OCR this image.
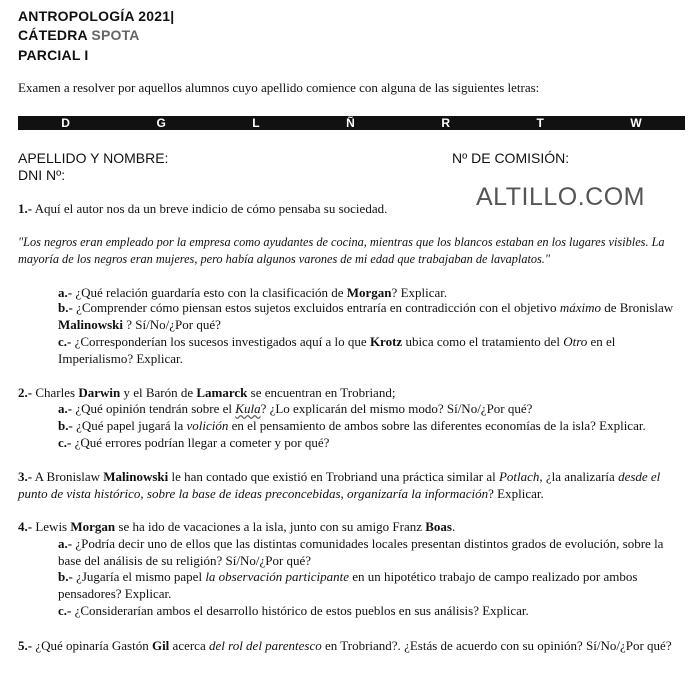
ANTROPOLOGÍA 2021|
CÁTEDRA SPOTA
PARCIAL I
Examen a resolver por aquellos alumnos cuyo apellido comience con alguna de las siguientes letras:
D	G	L	Ñ	R	T	W
APELLIDO Y NOMBRE:
DNI Nº:
Nº DE COMISIÓN:
ALTILLO.COM
1.- Aquí el autor nos da un breve indicio de cómo pensaba su sociedad.
"Los negros eran empleado por la empresa como ayudantes de cocina, mientras que los blancos estaban en los lugares visibles. La mayoría de los negros eran mujeres, pero había algunos varones de mi edad que trabajaban de lavaplatos."
a.- ¿Qué relación guardaría esto con la clasificación de Morgan? Explicar.
b.- ¿Comprender cómo piensan estos sujetos excluidos entraría en contradicción con el objetivo máximo de Bronislaw Malinowski ? Sí/No/¿Por qué?
c.- ¿Corresponderían los sucesos investigados aquí a lo que Krotz ubica como el tratamiento del Otro en el Imperialismo? Explicar.
2.- Charles Darwin y el Barón de Lamarck se encuentran en Trobriand;
a.- ¿Qué opinión tendrán sobre el Kula? ¿Lo explicarán del mismo modo? Sí/No/¿Por qué?
b.- ¿Qué papel jugará la volición en el pensamiento de ambos sobre las diferentes economías de la isla? Explicar.
c.- ¿Qué errores podrían llegar a cometer y por qué?
3.- A Bronislaw Malinowski le han contado que existió en Trobriand una práctica similar al Potlach, ¿la analizaría desde el punto de vista histórico, sobre la base de ideas preconcebidas, organizaría la información? Explicar.
4.- Lewis Morgan se ha ido de vacaciones a la isla, junto con su amigo Franz Boas.
a.- ¿Podría decir uno de ellos que las distintas comunidades locales presentan distintos grados de evolución, sobre la base del análisis de su religión? Sí/No/¿Por qué?
b.- ¿Jugaría el mismo papel la observación participante en un hipotético trabajo de campo realizado por ambos pensadores? Explicar.
c.- ¿Considerarían ambos el desarrollo histórico de estos pueblos en sus análisis? Explicar.
5.- ¿Qué opinaría Gastón Gil acerca del rol del parentesco en Trobriand?. ¿Estás de acuerdo con su opinión? Sí/No/¿Por qué?
